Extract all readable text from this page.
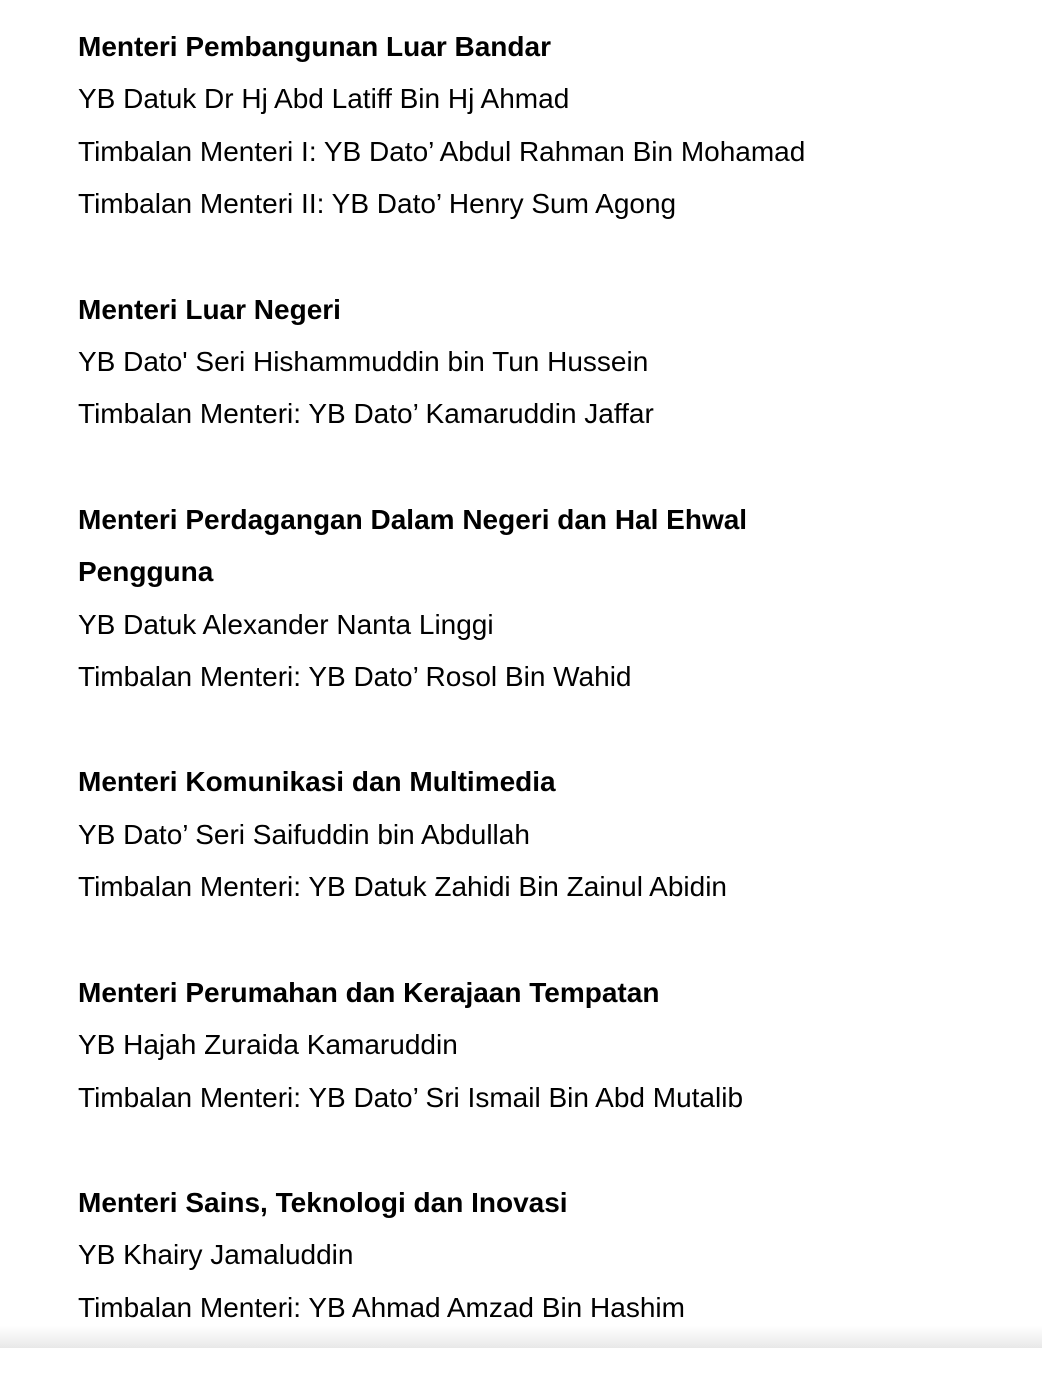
Menteri Pembangunan Luar Bandar
YB Datuk Dr Hj Abd Latiff Bin Hj Ahmad
Timbalan Menteri I: YB Dato’ Abdul Rahman Bin Mohamad
Timbalan Menteri II: YB Dato’ Henry Sum Agong
Menteri Luar Negeri
YB Dato' Seri Hishammuddin bin Tun Hussein
Timbalan Menteri: YB Dato’ Kamaruddin Jaffar
Menteri Perdagangan Dalam Negeri dan Hal Ehwal
Pengguna
YB Datuk Alexander Nanta Linggi
Timbalan Menteri: YB Dato’ Rosol Bin Wahid
Menteri Komunikasi dan Multimedia
YB Dato’ Seri Saifuddin bin Abdullah
Timbalan Menteri: YB Datuk Zahidi Bin Zainul Abidin
Menteri Perumahan dan Kerajaan Tempatan
YB Hajah Zuraida Kamaruddin
Timbalan Menteri: YB Dato’ Sri Ismail Bin Abd Mutalib
Menteri Sains, Teknologi dan Inovasi
YB Khairy Jamaluddin
Timbalan Menteri: YB Ahmad Amzad Bin Hashim
